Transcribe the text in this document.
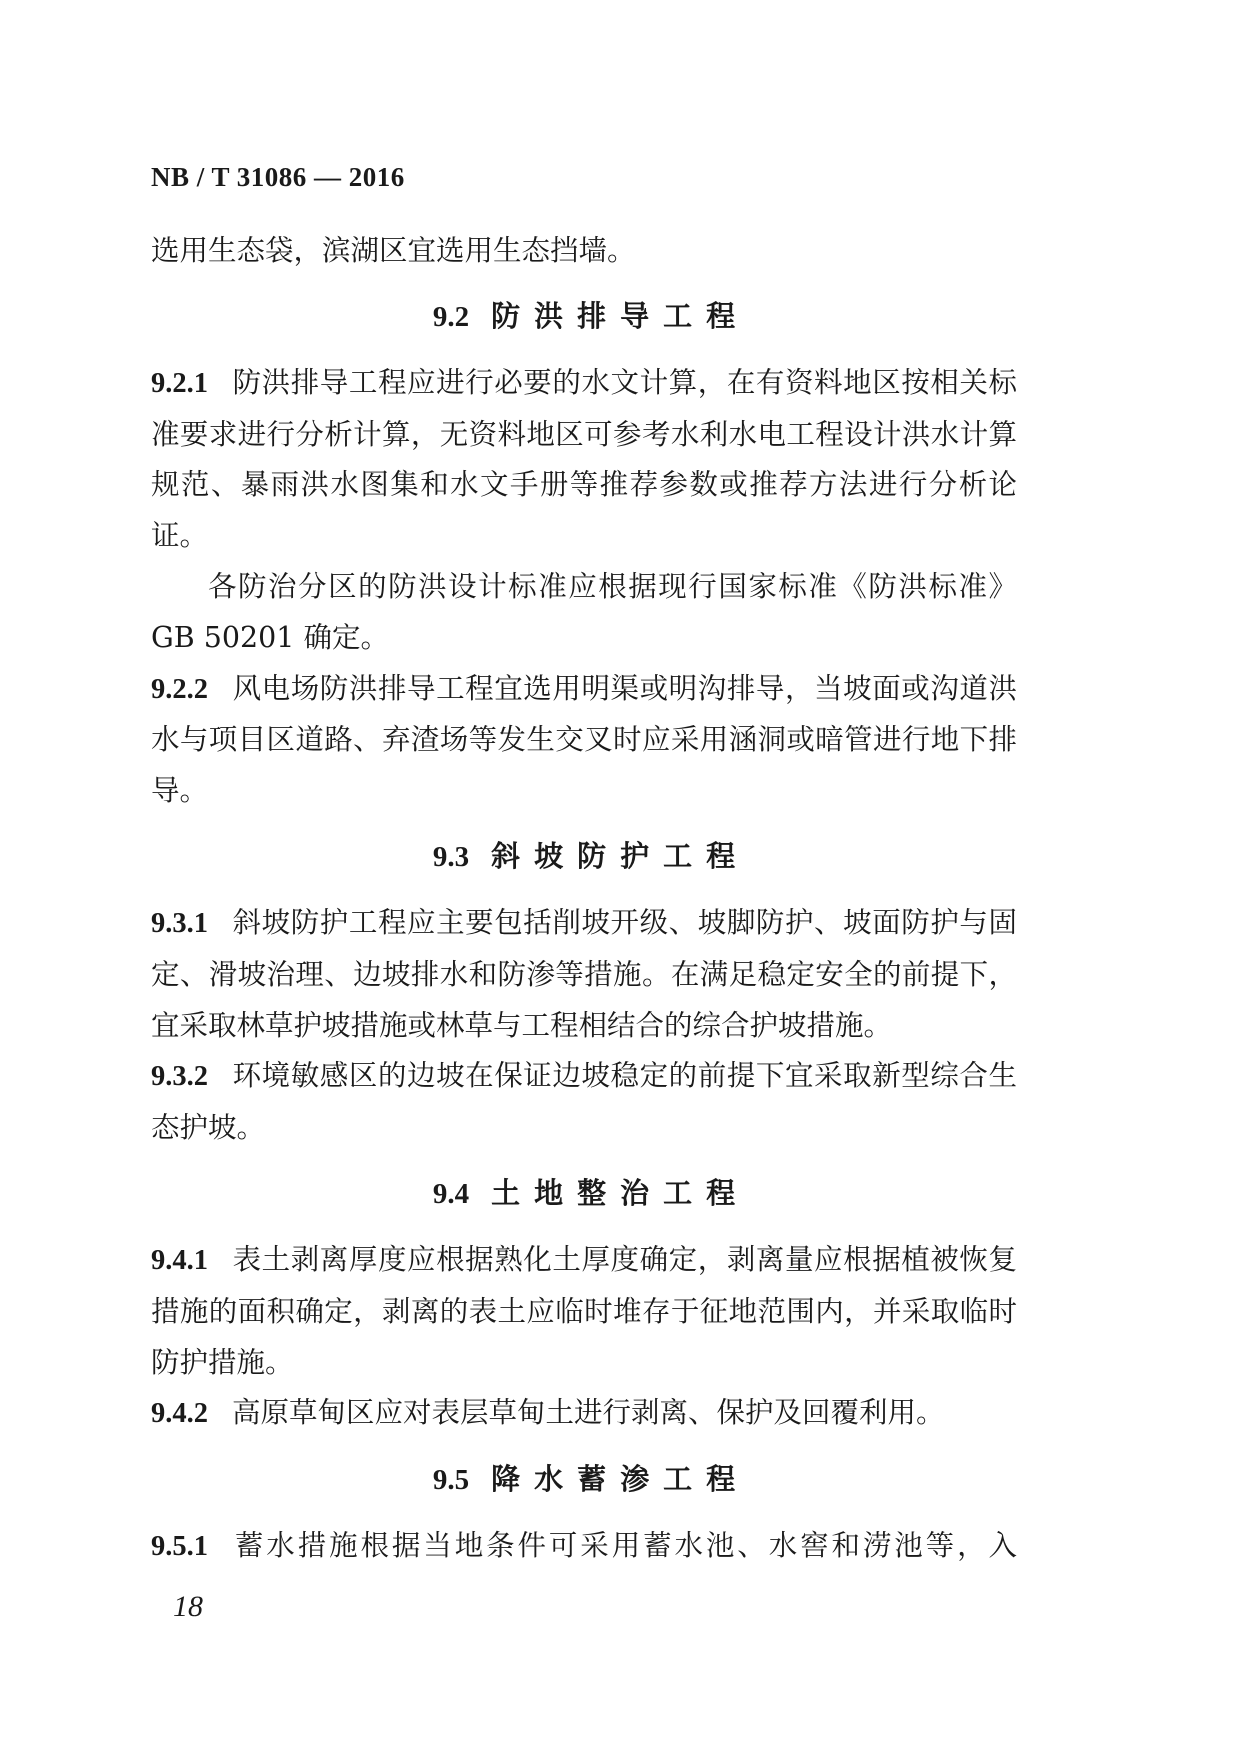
NB / T 31086 — 2016

选用生态袋，滨湖区宜选用生态挡墙。

9.2 防洪排导工程

9.2.1 防洪排导工程应进行必要的水文计算，在有资料地区按相关标准要求进行分析计算，无资料地区可参考水利水电工程设计洪水计算规范、暴雨洪水图集和水文手册等推荐参数或推荐方法进行分析论证。

各防治分区的防洪设计标准应根据现行国家标准《防洪标准》GB 50201 确定。

9.2.2 风电场防洪排导工程宜选用明渠或明沟排导，当坡面或沟道洪水与项目区道路、弃渣场等发生交叉时应采用涵洞或暗管进行地下排导。

9.3 斜坡防护工程

9.3.1 斜坡防护工程应主要包括削坡开级、坡脚防护、坡面防护与固定、滑坡治理、边坡排水和防渗等措施。在满足稳定安全的前提下，宜采取林草护坡措施或林草与工程相结合的综合护坡措施。

9.3.2 环境敏感区的边坡在保证边坡稳定的前提下宜采取新型综合生态护坡。

9.4 土地整治工程

9.4.1 表土剥离厚度应根据熟化土厚度确定，剥离量应根据植被恢复措施的面积确定，剥离的表土应临时堆存于征地范围内，并采取临时防护措施。

9.4.2 高原草甸区应对表层草甸土进行剥离、保护及回覆利用。

9.5 降水蓄渗工程

9.5.1 蓄水措施根据当地条件可采用蓄水池、水窖和涝池等，入

18
